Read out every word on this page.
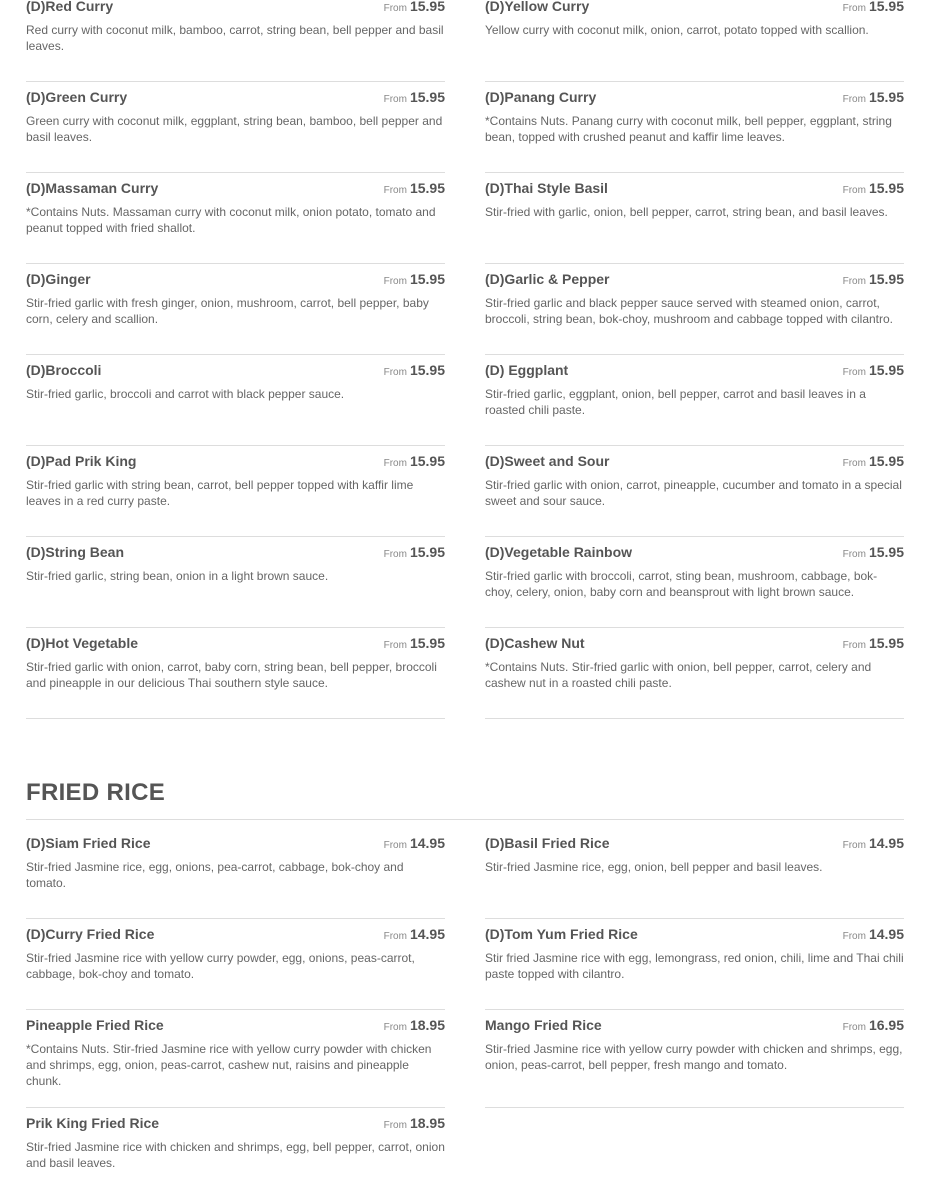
(D)Red Curry	From 15.95
Red curry with coconut milk, bamboo, carrot, string bean, bell pepper and basil leaves.
(D)Yellow Curry	From 15.95
Yellow curry with coconut milk, onion, carrot, potato topped with scallion.
(D)Green Curry	From 15.95
Green curry with coconut milk, eggplant, string bean, bamboo, bell pepper and basil leaves.
(D)Panang Curry	From 15.95
*Contains Nuts. Panang curry with coconut milk, bell pepper, eggplant, string bean, topped with crushed peanut and kaffir lime leaves.
(D)Massaman Curry	From 15.95
*Contains Nuts. Massaman curry with coconut milk, onion potato, tomato and peanut topped with fried shallot.
(D)Thai Style Basil	From 15.95
Stir-fried with garlic, onion, bell pepper, carrot, string bean, and basil leaves.
(D)Ginger	From 15.95
Stir-fried garlic with fresh ginger, onion, mushroom, carrot, bell pepper, baby corn, celery and scallion.
(D)Garlic & Pepper	From 15.95
Stir-fried garlic and black pepper sauce served with steamed onion, carrot, broccoli, string bean, bok-choy, mushroom and cabbage topped with cilantro.
(D)Broccoli	From 15.95
Stir-fried garlic, broccoli and carrot with black pepper sauce.
(D) Eggplant	From 15.95
Stir-fried garlic, eggplant, onion, bell pepper, carrot and basil leaves in a roasted chili paste.
(D)Pad Prik King	From 15.95
Stir-fried garlic with string bean, carrot, bell pepper topped with kaffir lime leaves in a red curry paste.
(D)Sweet and Sour	From 15.95
Stir-fried garlic with onion, carrot, pineapple, cucumber and tomato in a special sweet and sour sauce.
(D)String Bean	From 15.95
Stir-fried garlic, string bean, onion in a light brown sauce.
(D)Vegetable Rainbow	From 15.95
Stir-fried garlic with broccoli, carrot, sting bean, mushroom, cabbage, bok-choy, celery, onion, baby corn and beansprout with light brown sauce.
(D)Hot Vegetable	From 15.95
Stir-fried garlic with onion, carrot, baby corn, string bean, bell pepper, broccoli and pineapple in our delicious Thai southern style sauce.
(D)Cashew Nut	From 15.95
*Contains Nuts. Stir-fried garlic with onion, bell pepper, carrot, celery and cashew nut in a roasted chili paste.
FRIED RICE
(D)Siam Fried Rice	From 14.95
Stir-fried Jasmine rice, egg, onions, pea-carrot, cabbage, bok-choy and tomato.
(D)Basil Fried Rice	From 14.95
Stir-fried Jasmine rice, egg, onion, bell pepper and basil leaves.
(D)Curry Fried Rice	From 14.95
Stir-fried Jasmine rice with yellow curry powder, egg, onions, peas-carrot, cabbage, bok-choy and tomato.
(D)Tom Yum Fried Rice	From 14.95
Stir fried Jasmine rice with egg, lemongrass, red onion, chili, lime and Thai chili paste topped with cilantro.
Pineapple Fried Rice	From 18.95
*Contains Nuts. Stir-fried Jasmine rice with yellow curry powder with chicken and shrimps, egg, onion, peas-carrot, cashew nut, raisins and pineapple chunk.
Mango Fried Rice	From 16.95
Stir-fried Jasmine rice with yellow curry powder with chicken and shrimps, egg, onion, peas-carrot, bell pepper, fresh mango and tomato.
Prik King Fried Rice	From 18.95
Stir-fried Jasmine rice with chicken and shrimps, egg, bell pepper, carrot, onion and basil leaves.
